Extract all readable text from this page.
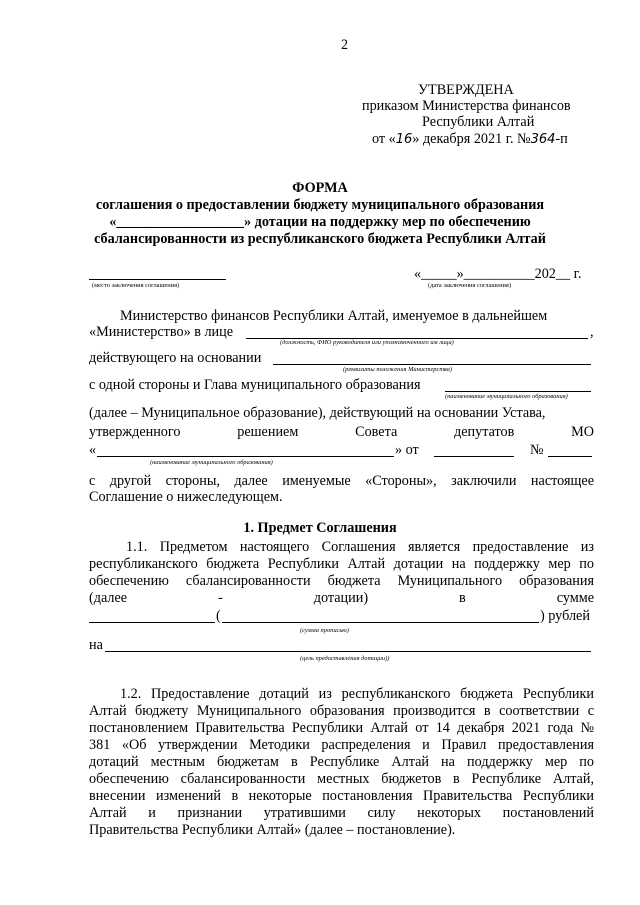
2
УТВЕРЖДЕНА
приказом Министерства финансов
Республики Алтай
от «16» декабря 2021 г. №364-п
ФОРМА
соглашения о предоставлении бюджету муниципального образования
«__________________» дотации на поддержку мер по обеспечению
сбалансированности из республиканского бюджета Республики Алтай
(место заключения соглашения)
«_____»__________202__ г.
(дата заключения соглашения)
Министерство финансов Республики Алтай, именуемое в дальнейшем
«Министерство» в лице	,
(должность, ФИО руководителя или уполномоченного им лица)
действующего на основании
(реквизиты положения Министерства)
с одной стороны и Глава муниципального образования
(наименование муниципального образования)
(далее – Муниципальное образование), действующий на основании Устава,
утвержденного решением Совета депутатов МО
«	» от	№
(наименование муниципального образования)
с другой стороны, далее именуемые «Стороны», заключили настоящее
Соглашение о нижеследующем.
1. Предмет Соглашения
1.1. Предметом настоящего Соглашения является предоставление из
республиканского бюджета Республики Алтай дотации на поддержку мер по
обеспечению сбалансированности бюджета Муниципального образования
(далее - дотации) в сумме
(	) рублей
(сумма прописью)
на
(цель предоставления дотации))
1.2. Предоставление дотаций из республиканского бюджета Республики
Алтай бюджету Муниципального образования производится в соответствии с
постановлением Правительства Республики Алтай от 14 декабря 2021 года №
381 «Об утверждении Методики распределения и Правил предоставления
дотаций местным бюджетам в Республике Алтай на поддержку мер по
обеспечению сбалансированности местных бюджетов в Республике Алтай,
внесении изменений в некоторые постановления Правительства Республики
Алтай и признании утратившими силу некоторых постановлений
Правительства Республики Алтай» (далее – постановление).
